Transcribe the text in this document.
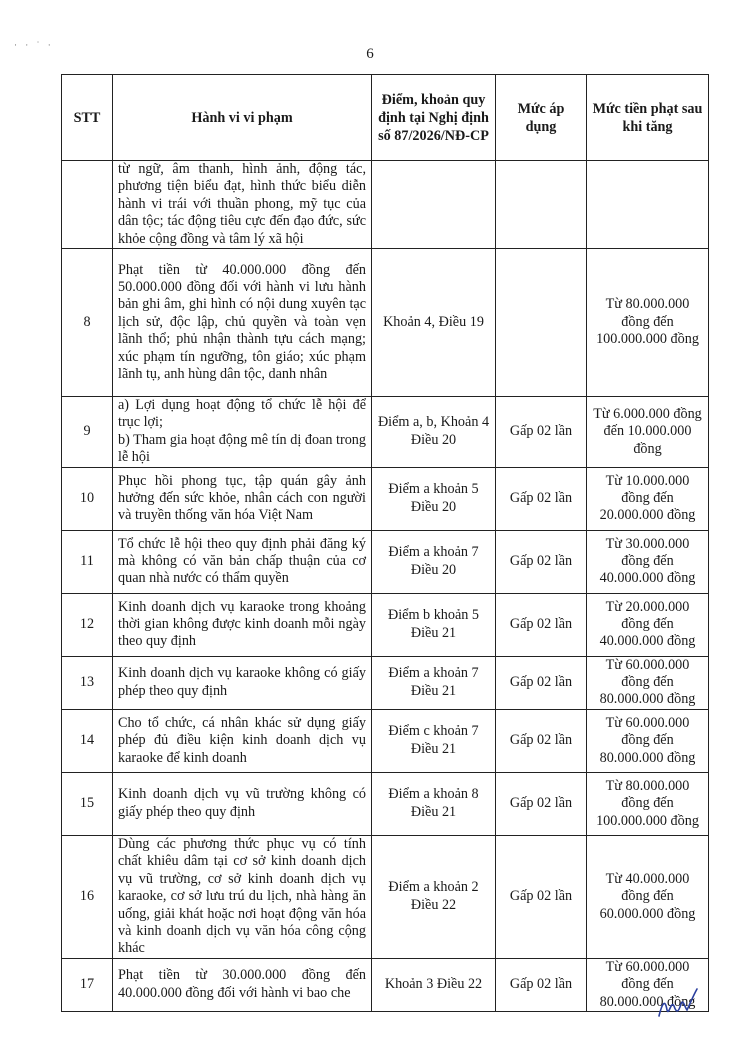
· · ˙ ·
6
STT	Hành vi vi phạm	Điểm, khoản quy định tại Nghị định số 87/2026/NĐ-CP	Mức áp dụng	Mức tiền phạt sau khi tăng
	từ ngữ, âm thanh, hình ảnh, động tác, phương tiện biểu đạt, hình thức biểu diễn hành vi trái với thuần phong, mỹ tục của dân tộc; tác động tiêu cực đến đạo đức, sức khỏe cộng đồng và tâm lý xã hội			
8	Phạt tiền từ 40.000.000 đồng đến 50.000.000 đồng đối với hành vi lưu hành bản ghi âm, ghi hình có nội dung xuyên tạc lịch sử, độc lập, chủ quyền và toàn vẹn lãnh thổ; phủ nhận thành tựu cách mạng; xúc phạm tín ngưỡng, tôn giáo; xúc phạm lãnh tụ, anh hùng dân tộc, danh nhân	Khoản 4, Điều 19		Từ 80.000.000 đồng đến 100.000.000 đồng
9	a) Lợi dụng hoạt động tổ chức lễ hội để trục lợi;
b) Tham gia hoạt động mê tín dị đoan trong lễ hội	Điểm a, b, Khoản 4 Điều 20	Gấp 02 lần	Từ 6.000.000 đồng đến 10.000.000 đồng
10	Phục hồi phong tục, tập quán gây ảnh hưởng đến sức khỏe, nhân cách con người và truyền thống văn hóa Việt Nam	Điểm a khoản 5 Điều 20	Gấp 02 lần	Từ 10.000.000 đồng đến 20.000.000 đồng
11	Tổ chức lễ hội theo quy định phải đăng ký mà không có văn bản chấp thuận của cơ quan nhà nước có thẩm quyền	Điểm a khoản 7 Điều 20	Gấp 02 lần	Từ 30.000.000 đồng đến 40.000.000 đồng
12	Kinh doanh dịch vụ karaoke trong khoảng thời gian không được kinh doanh mỗi ngày theo quy định	Điểm b khoản 5 Điều 21	Gấp 02 lần	Từ 20.000.000 đồng đến 40.000.000 đồng
13	Kinh doanh dịch vụ karaoke không có giấy phép theo quy định	Điểm a khoản 7 Điều 21	Gấp 02 lần	Từ 60.000.000 đồng đến 80.000.000 đồng
14	Cho tổ chức, cá nhân khác sử dụng giấy phép đủ điều kiện kinh doanh dịch vụ karaoke để kinh doanh	Điểm c khoản 7 Điều 21	Gấp 02 lần	Từ 60.000.000 đồng đến 80.000.000 đồng
15	Kinh doanh dịch vụ vũ trường không có giấy phép theo quy định	Điểm a khoản 8 Điều 21	Gấp 02 lần	Từ 80.000.000 đồng đến 100.000.000 đồng
16	Dùng các phương thức phục vụ có tính chất khiêu dâm tại cơ sở kinh doanh dịch vụ vũ trường, cơ sở kinh doanh dịch vụ karaoke, cơ sở lưu trú du lịch, nhà hàng ăn uống, giải khát hoặc nơi hoạt động văn hóa và kinh doanh dịch vụ văn hóa công cộng khác	Điểm a khoản 2 Điều 22	Gấp 02 lần	Từ 40.000.000 đồng đến 60.000.000 đồng
17	Phạt tiền từ 30.000.000 đồng đến 40.000.000 đồng đối với hành vi bao che	Khoản 3 Điều 22	Gấp 02 lần	Từ 60.000.000 đồng đến 80.000.000 đồng
